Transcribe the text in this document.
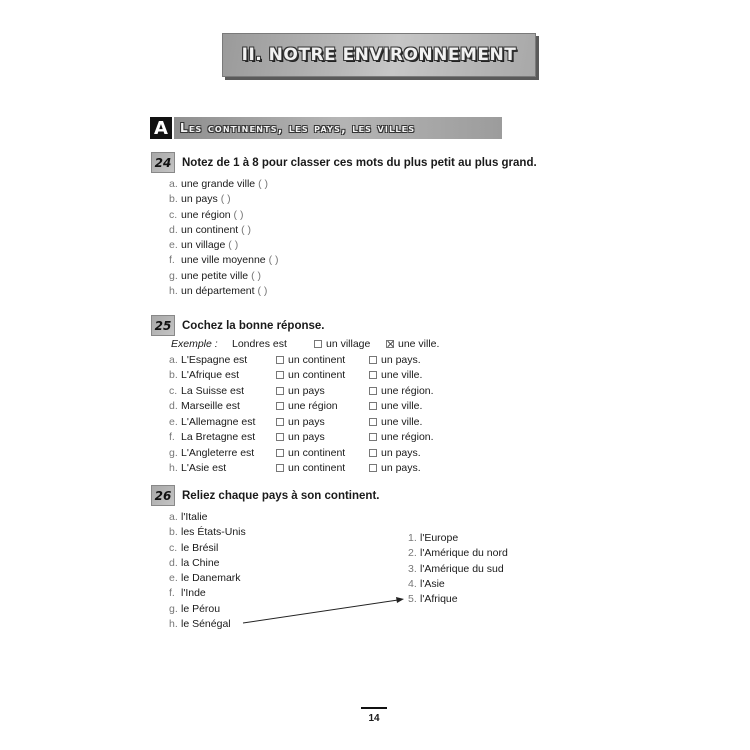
II. NOTRE ENVIRONNEMENT
A	Les continents, les pays, les villes
24 Notez de 1 à 8 pour classer ces mots du plus petit au plus grand.
a. une grande ville ( )
b. un pays ( )
c. une région ( )
d. un continent ( )
e. un village ( )
f. une ville moyenne ( )
g. une petite ville ( )
h. un département ( )
25 Cochez la bonne réponse.
Exemple : Londres est	un village	une ville.
a. L'Espagne est	un continent	un pays.
b. L'Afrique est	un continent	une ville.
c. La Suisse est	un pays	une région.
d. Marseille est	une région	une ville.
e. L'Allemagne est	un pays	une ville.
f. La Bretagne est	un pays	une région.
g. L'Angleterre est	un continent	un pays.
h. L'Asie est	un continent	un pays.
26 Reliez chaque pays à son continent.
a. l'Italie
b. les États-Unis
c. le Brésil
d. la Chine
e. le Danemark
f. l'Inde
g. le Pérou
h. le Sénégal
1. l'Europe
2. l'Amérique du nord
3. l'Amérique du sud
4. l'Asie
5. l'Afrique
14
